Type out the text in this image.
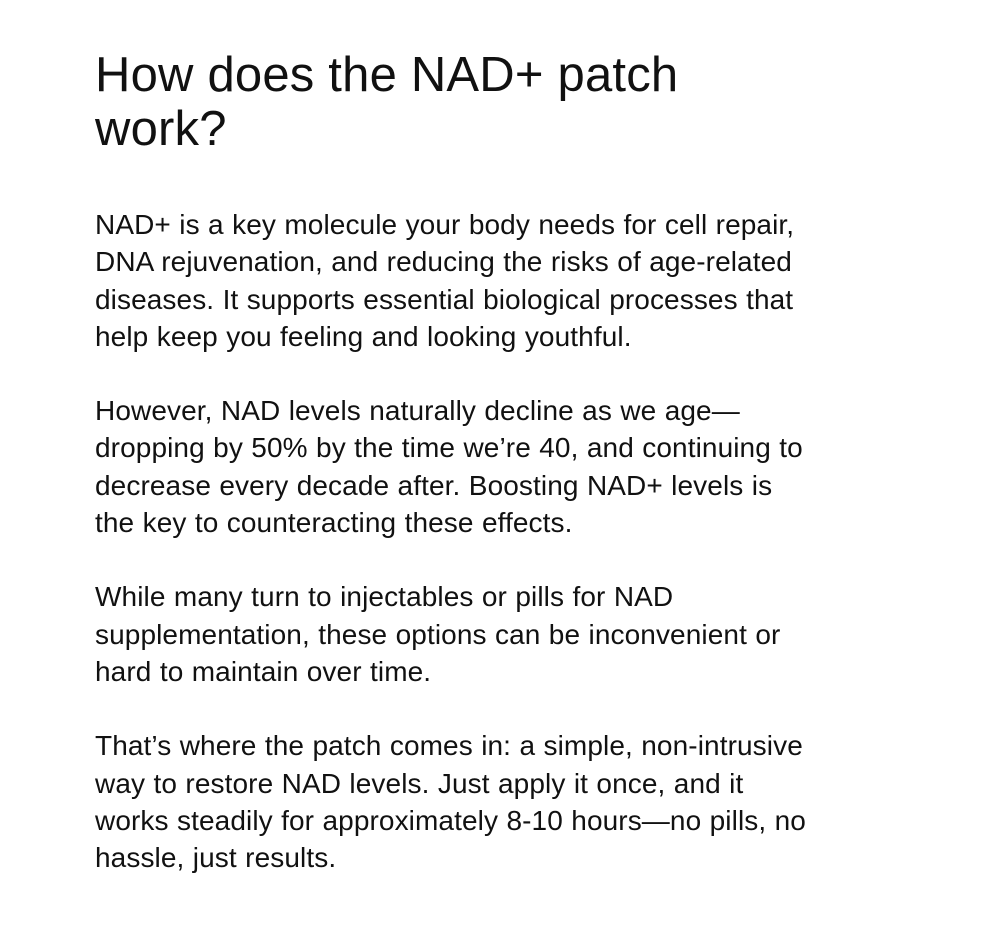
How does the NAD+ patch
work?

NAD+ is a key molecule your body needs for cell repair,
DNA rejuvenation, and reducing the risks of age-related
diseases. It supports essential biological processes that
help keep you feeling and looking youthful.

However, NAD levels naturally decline as we age—
dropping by 50% by the time we’re 40, and continuing to
decrease every decade after. Boosting NAD+ levels is
the key to counteracting these effects.

While many turn to injectables or pills for NAD
supplementation, these options can be inconvenient or
hard to maintain over time.

That’s where the patch comes in: a simple, non-intrusive
way to restore NAD levels. Just apply it once, and it
works steadily for approximately 8-10 hours—no pills, no
hassle, just results.
